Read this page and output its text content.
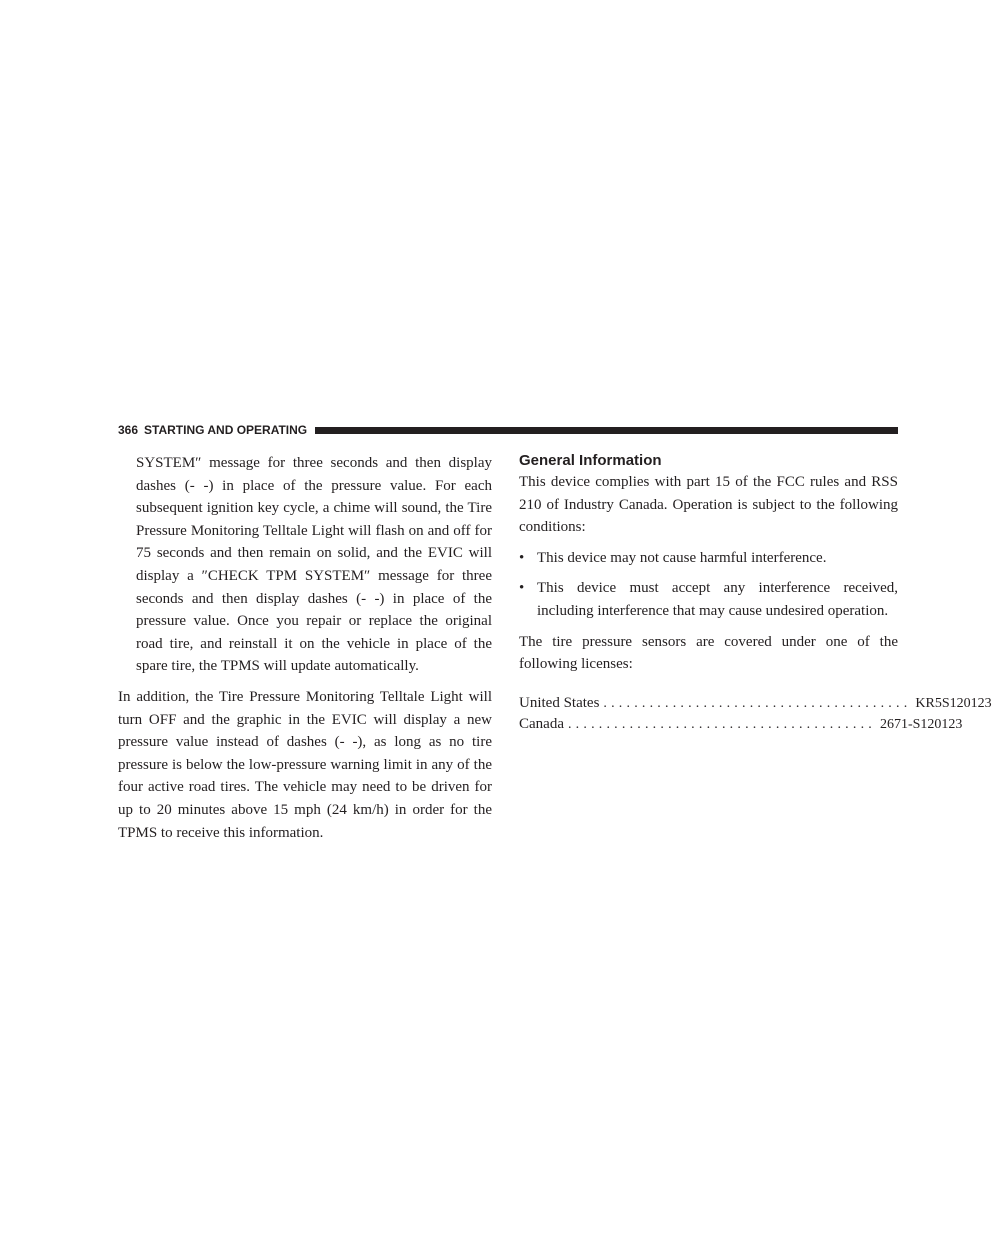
366 STARTING AND OPERATING

SYSTEM″ message for three seconds and then display dashes (- -) in place of the pressure value. For each subsequent ignition key cycle, a chime will sound, the Tire Pressure Monitoring Telltale Light will flash on and off for 75 seconds and then remain on solid, and the EVIC will display a ″CHECK TPM SYSTEM″ message for three seconds and then display dashes (- -) in place of the pressure value. Once you repair or replace the original road tire, and reinstall it on the vehicle in place of the spare tire, the TPMS will update automatically.

In addition, the Tire Pressure Monitoring Telltale Light will turn OFF and the graphic in the EVIC will display a new pressure value instead of dashes (- -), as long as no tire pressure is below the low-pressure warning limit in any of the four active road tires. The vehicle may need to be driven for up to 20 minutes above 15 mph (24 km/h) in order for the TPMS to receive this information.

General Information

This device complies with part 15 of the FCC rules and RSS 210 of Industry Canada. Operation is subject to the following conditions:

• This device may not cause harmful interference.
• This device must accept any interference received, including interference that may cause undesired operation.

The tire pressure sensors are covered under one of the following licenses:

United States ........................................ KR5S120123
Canada ........................................ 2671-S120123
